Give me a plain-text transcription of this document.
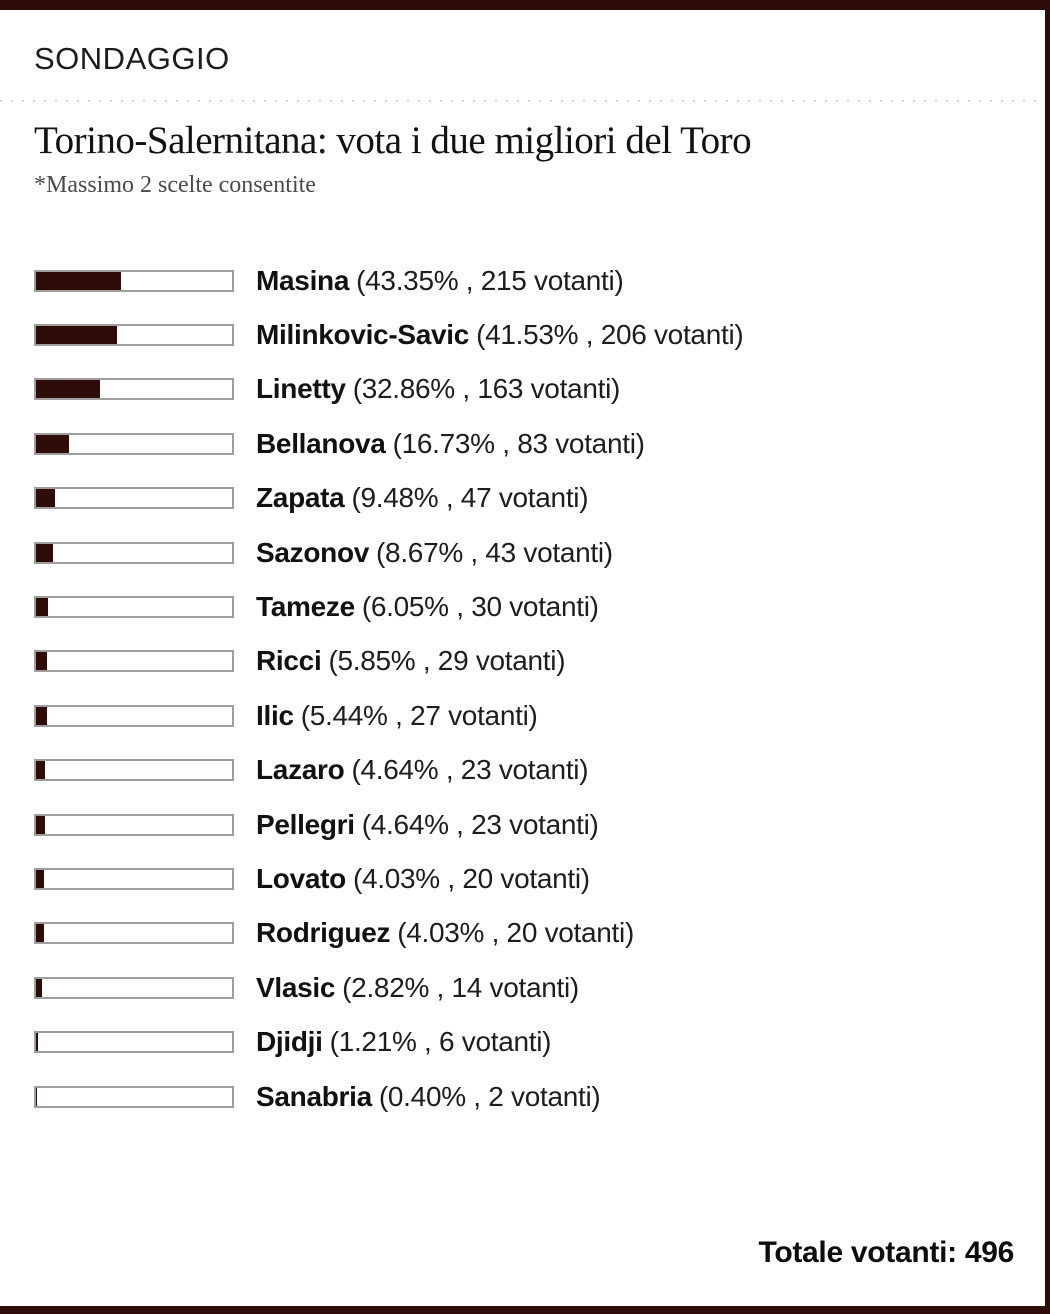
SONDAGGIO
Torino-Salernitana: vota i due migliori del Toro
*Massimo 2 scelte consentite
Masina (43.35% , 215 votanti)
Milinkovic-Savic (41.53% , 206 votanti)
Linetty (32.86% , 163 votanti)
Bellanova (16.73% , 83 votanti)
Zapata (9.48% , 47 votanti)
Sazonov (8.67% , 43 votanti)
Tameze (6.05% , 30 votanti)
Ricci (5.85% , 29 votanti)
Ilic (5.44% , 27 votanti)
Lazaro (4.64% , 23 votanti)
Pellegri (4.64% , 23 votanti)
Lovato (4.03% , 20 votanti)
Rodriguez (4.03% , 20 votanti)
Vlasic (2.82% , 14 votanti)
Djidji (1.21% , 6 votanti)
Sanabria (0.40% , 2 votanti)
Totale votanti: 496
